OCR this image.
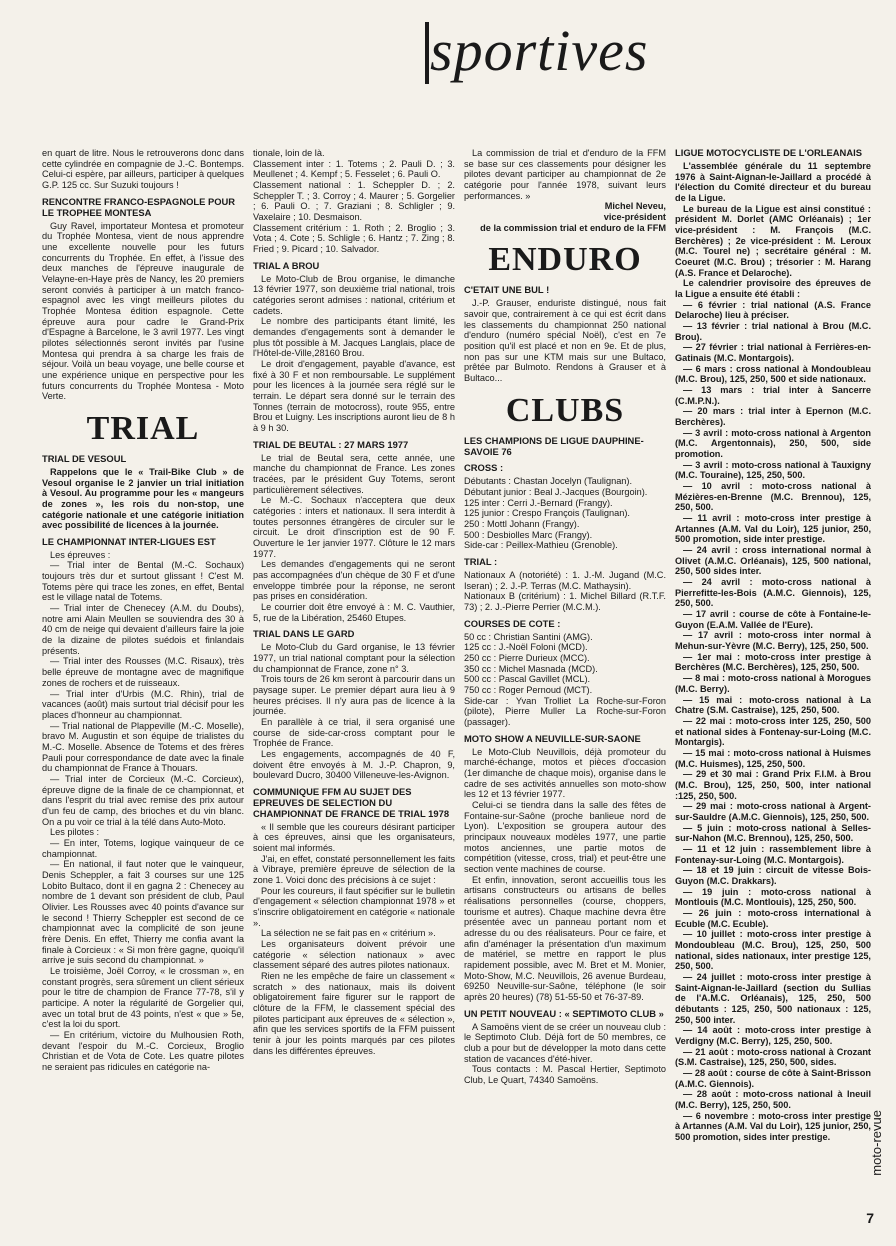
sportives

en quart de litre. Nous le retrouverons donc dans cette cylindrée en compagnie de J.-C. Bontemps. Celui-ci espère, par ailleurs, participer à quelques G.P. 125 cc. Sur Suzuki toujours !

RENCONTRE FRANCO-ESPAGNOLE POUR LE TROPHEE MONTESA

Guy Ravel, importateur Montesa et promoteur du Trophée Montesa, vient de nous apprendre une excellente nouvelle pour les futurs concurrents du Trophée. En effet, à l'issue des deux manches de l'épreuve inaugurale de Velayne-en-Haye près de Nancy, les 20 premiers seront conviés à participer à un match franco-espagnol avec les vingt meilleurs pilotes du Trophée Montesa édition espagnole. Cette épreuve aura pour cadre le Grand-Prix d'Espagne à Barcelone, le 3 avril 1977. Les vingt pilotes sélectionnés seront invités par l'usine Montesa qui prendra à sa charge les frais de séjour. Voilà un beau voyage, une belle course et une expérience unique en perspective pour les futurs concurrents du Trophée Montesa - Moto Verte.

TRIAL
TRIAL DE VESOUL

Rappelons que le « Trail-Bike Club » de Vesoul organise le 2 janvier un trial initiation à Vesoul. Au programme pour les « mangeurs de zones », les rois du non-stop, une catégorie nationale et une catégorie initiation avec possibilité de licences à la journée.

LE CHAMPIONNAT INTER-LIGUES EST

Les épreuves :

— Trial inter de Bental (M.-C. Sochaux) toujours très dur et surtout glissant ! C'est M. Totems père qui trace les zones, en effet, Bental est le village natal de Totems.

— Trial inter de Chenecey (A.M. du Doubs), notre ami Alain Meullen se souviendra des 30 à 40 cm de neige qui devaient d'ailleurs faire la joie de la dizaine de pilotes suédois et finlandais présents.

— Trial inter des Rousses (M.C. Risaux), très belle épreuve de montagne avec de magnifique zones de rochers et de ruisseaux.

— Trial inter d'Urbis (M.C. Rhin), trial de vacances (août) mais surtout trial décisif pour les places d'honneur au championnat.

— Trial national de Plappeville (M.-C. Moselle), bravo M. Augustin et son équipe de trialistes du M.-C. Moselle. Absence de Totems et des frères Pauli pour correspondance de date avec la finale du championnat de France à Thouars.

— Trial inter de Corcieux (M.-C. Corcieux), épreuve digne de la finale de ce championnat, et dans l'esprit du trial avec remise des prix autour d'un feu de camp, des brioches et du vin blanc. On a pu voir ce trial à la télé dans Auto-Moto.

Les pilotes :

— En inter, Totems, logique vainqueur de ce championnat.

— En national, il faut noter que le vainqueur, Denis Scheppler, a fait 3 courses sur une 125 Lobito Bultaco, dont il en gagna 2 : Chenecey au nombre de 1 devant son président de club, Paul Olivier. Les Rousses avec 40 points d'avance sur le second ! Thierry Scheppler est second de ce championnat avec la complicité de son jeune frère Denis. En effet, Thierry me confia avant la finale à Corcieux : « Si mon frère gagne, quoiqu'il arrive je suis second du championnat. »

Le troisième, Joël Corroy, « le crossman », en constant progrès, sera sûrement un client sérieux pour le titre de champion de France 77-78, s'il y participe. A noter la régularité de Gorgelier qui, avec un total brut de 43 points, n'est « que » 5e, c'est la loi du sport.

— En critérium, victoire du Mulhousien Roth, devant l'espoir du M.-C. Corcieux, Broglio Christian et de Vota de Cote. Les quatre pilotes ne seraient pas ridicules en catégorie na-

tionale, loin de là.

Classement inter : 1. Totems ; 2. Pauli D. ; 3. Meullenet ; 4. Kempf ; 5. Fesselet ; 6. Pauli O.

Classement national : 1. Scheppler D. ; 2. Scheppler T. ; 3. Corroy ; 4. Maurer ; 5. Gorgelier ; 6. Pauli O. ; 7. Graziani ; 8. Schligler ; 9. Vaxelaire ; 10. Desmaison.

Classement critérium : 1. Roth ; 2. Broglio ; 3. Vota ; 4. Cote ; 5. Schligle ; 6. Hantz ; 7. Zing ; 8. Fried ; 9. Picard ; 10. Salvador.

TRIAL A BROU

Le Moto-Club de Brou organise, le dimanche 13 février 1977, son deuxième trial national, trois catégories seront admises : national, critérium et cadets.

Le nombre des participants étant limité, les demandes d'engagements sont à demander le plus tôt possible à M. Jacques Langlais, place de l'Hôtel-de-Ville,28160 Brou.

Le droit d'engagement, payable d'avance, est fixé à 30 F et non remboursable. Le supplément pour les licences à la journée sera réglé sur le terrain. Le départ sera donné sur le terrain des Tonnes (terrain de motocross), route 955, entre Brou et Luigny. Les inscriptions auront lieu de 8 h à 9 h 30.

TRIAL DE BEUTAL : 27 MARS 1977

Le trial de Beutal sera, cette année, une manche du championnat de France. Les zones tracées, par le président Guy Totems, seront particulièrement sélectives.

Le M.-C. Sochaux n'acceptera que deux catégories : inters et nationaux. Il sera interdit à toutes personnes étrangères de circuler sur le circuit. Le droit d'inscription est de 90 F. Ouverture le 1er janvier 1977. Clôture le 12 mars 1977.

Les demandes d'engagements qui ne seront pas accompagnées d'un chèque de 30 F et d'une enveloppe timbrée pour la réponse, ne seront pas prises en considération.

Le courrier doit être envoyé à : M. C. Vauthier, 5, rue de la Libération, 25460 Etupes.

TRIAL DANS LE GARD

Le Moto-Club du Gard organise, le 13 février 1977, un trial national comptant pour la sélection du championnat de France, zone n° 3.

Trois tours de 26 km seront à parcourir dans un paysage super. Le premier départ aura lieu à 9 heures précises. Il n'y aura pas de licence à la journée.

En parallèle à ce trial, il sera organisé une course de side-car-cross comptant pour le Trophée de France.

Les engagements, accompagnés de 40 F, doivent être envoyés à M. J.-P. Chapron, 9, boulevard Ducro, 30400 Villeneuve-les-Avignon.

COMMUNIQUE FFM AU SUJET DES EPREUVES DE SELECTION DU CHAMPIONNAT DE FRANCE DE TRIAL 1978

« Il semble que les coureurs désirant participer à ces épreuves, ainsi que les organisateurs, soient mal informés.

J'ai, en effet, constaté personnellement les faits à Vibraye, première épreuve de sélection de la zone 1. Voici donc des précisions à ce sujet :

Pour les coureurs, il faut spécifier sur le bulletin d'engagement « sélection championnat 1978 » et s'inscrire obligatoirement en catégorie « nationale ».

La sélection ne se fait pas en « critérium ».

Les organisateurs doivent prévoir une catégorie « sélection nationaux » avec classement séparé des autres pilotes nationaux.

Rien ne les empêche de faire un classement « scratch » des nationaux, mais ils doivent obligatoirement faire figurer sur le rapport de clôture de la FFM, le classement spécial des pilotes participant aux épreuves de « sélection », afin que les services sportifs de la FFM puissent tenir à jour les points marqués par ces pilotes dans les différentes épreuves.

La commission de trial et d'enduro de la FFM se base sur ces classements pour désigner les pilotes devant participer au championnat de 2e catégorie pour l'année 1978, suivant leurs performances. »

Michel Neveu,

vice-président

de la commission trial et enduro de la FFM

ENDURO
C'ETAIT UNE BUL !

J.-P. Grauser, enduriste distingué, nous fait savoir que, contrairement à ce qui est écrit dans les classements du championnat 250 national d'enduro (numéro spécial Noël), c'est en 7e position qu'il est placé et non en 9e. Et de plus, non pas sur une KTM mais sur une Bultaco, prêtée par Bulmoto. Rendons à Grauser et à Bultaco...

CLUBS
LES CHAMPIONS DE LIGUE DAUPHINE-SAVOIE 76
CROSS :

Débutants : Chastan Jocelyn (Taulignan).

Débutant junior : Beal J.-Jacques (Bourgoin).

125 inter : Cerri J.-Bernard (Frangy).

125 junior : Crespo François (Taulignan).

250 : Mottl Johann (Frangy).

500 : Desbiolles Marc (Frangy).

Side-car : Peillex-Mathieu (Grenoble).

TRIAL :

Nationaux A (notoriété) : 1. J.-M. Jugand (M.C. Iseran) ; 2. J.-P. Terras (M.C. Mathaysin).

Nationaux B (critérium) : 1. Michel Billard (R.T.F. 73) ; 2. J.-Pierre Perrier (M.C.M.).

COURSES DE COTE :

50 cc : Christian Santini (AMG).

125 cc : J.-Noël Foloni (MCD).

250 cc : Pierre Durieux (MCC).

350 cc : Michel Masnada (MCD).

500 cc : Pascal Gavillet (MCL).

750 cc : Roger Pernoud (MCT).

Side-car : Yvan Trolliet La Roche-sur-Foron (pilote), Pierre Muller La Roche-sur-Foron (passager).

MOTO SHOW A NEUVILLE-SUR-SAONE

Le Moto-Club Neuvillois, déjà promoteur du marché-échange, motos et pièces d'occasion (1er dimanche de chaque mois), organise dans le cadre de ses activités annuelles son moto-show les 12 et 13 février 1977.

Celui-ci se tiendra dans la salle des fêtes de Fontaine-sur-Saône (proche banlieue nord de Lyon). L'exposition se groupera autour des principaux nouveaux modèles 1977, une partie motos anciennes, une partie motos de compétition (vitesse, cross, trial) et peut-être une section vente machines de course.

Et enfin, innovation, seront accueillis tous les artisans constructeurs ou artisans de belles réalisations personnelles (course, choppers, tourisme et autres). Chaque machine devra être présentée avec un panneau portant nom et adresse du ou des réalisateurs. Pour ce faire, et afin d'aménager la présentation d'un maximum de matériel, se mettre en rapport le plus rapidement possible, avec M. Bret et M. Monier, Moto-Show, M.C. Neuvillois, 26 avenue Burdeau, 69250 Neuville-sur-Saône, téléphone (le soir après 20 heures) (78) 51-55-50 et 76-37-89.

UN PETIT NOUVEAU : « SEPTIMOTO CLUB »

A Samoëns vient de se créer un nouveau club : le Septimoto Club. Déjà fort de 50 membres, ce club a pour but de développer la moto dans cette station de vacances d'été-hiver.

Tous contacts : M. Pascal Hertier, Septimoto Club, Le Quart, 74340 Samoëns.

LIGUE MOTOCYCLISTE DE L'ORLEANAIS

L'assemblée générale du 11 septembre 1976 à Saint-Aignan-le-Jaillard a procédé à l'élection du Comité directeur et du bureau de la Ligue.

Le bureau de la Ligue est ainsi constitué : président M. Dorlet (AMC Orléanais) ; 1er vice-président : M. François (M.C. Berchères) ; 2e vice-président : M. Leroux (M.C. Tourel ne) ; secrétaire général : M. Coeuret (M.C. Brou) ; trésorier : M. Harang (A.S. France et Delaroche).

Le calendrier provisoire des épreuves de la Ligue a ensuite été établi :

— 6 février : trial national (A.S. France Delaroche) lieu à préciser.

— 13 février : trial national à Brou (M.C. Brou).

— 27 février : trial national à Ferrières-en-Gatinais (M.C. Montargois).

— 6 mars : cross national à Mondoubleau (M.C. Brou), 125, 250, 500 et side nationaux.

— 13 mars : trial inter à Sancerre (C.M.P.N.).

— 20 mars : trial inter à Epernon (M.C. Berchères).

— 3 avril : moto-cross national à Argenton (M.C. Argentonnais), 250, 500, side promotion.

— 3 avril : moto-cross national à Tauxigny (M.C. Touraine), 125, 250, 500.

— 10 avril : moto-cross national à Mézières-en-Brenne (M.C. Brennou), 125, 250, 500.

— 11 avril : moto-cross inter prestige à Artannes (A.M. Val du Loir), 125 junior, 250, 500 promotion, side inter prestige.

— 24 avril : cross international normal à Olivet (A.M.C. Orléanais), 125, 500 national, 250, 500 sides inter.

— 24 avril : moto-cross national à Pierrefitte-les-Bois (A.M.C. Giennois), 125, 250, 500.

— 17 avril : course de côte à Fontaine-le-Guyon (E.A.M. Vallée de l'Eure).

— 17 avril : moto-cross inter normal à Mehun-sur-Yèvre (M.C. Berry), 125, 250, 500.

— 1er mai : moto-cross inter prestige à Berchères (M.C. Berchères), 125, 250, 500.

— 8 mai : moto-cross national à Morogues (M.C. Berry).

— 15 mai : moto-cross national à La Chatre (S.M. Castraise), 125, 250, 500.

— 22 mai : moto-cross inter 125, 250, 500 et national sides à Fontenay-sur-Loing (M.C. Montargis).

— 15 mai : moto-cross national à Huismes (M.C. Huismes), 125, 250, 500.

— 29 et 30 mai : Grand Prix F.I.M. à Brou (M.C. Brou), 125, 250, 500, inter national :125, 250, 500.

— 29 mai : moto-cross national à Argent-sur-Sauldre (A.M.C. Giennois), 125, 250, 500.

— 5 juin : moto-cross national à Selles-sur-Nahon (M.C. Brennou), 125, 250, 500.

— 11 et 12 juin : rassemblement libre à Fontenay-sur-Loing (M.C. Montargois).

— 18 et 19 juin : circuit de vitesse Bois-Guyon (M.C. Drakkars).

— 19 juin : moto-cross national à Montlouis (M.C. Montlouis), 125, 250, 500.

— 26 juin : moto-cross international à Ecuble (M.C. Ecuble).

— 10 juillet : moto-cross inter prestige à Mondoubleau (M.C. Brou), 125, 250, 500 national, sides nationaux, inter prestige 125, 250, 500.

— 24 juillet : moto-cross inter prestige à Saint-Aignan-le-Jaillard (section du Sullias de l'A.M.C. Orléanais), 125, 250, 500 débutants : 125, 250, 500 nationaux : 125, 250, 500 inter.

— 14 août : moto-cross inter prestige à Verdigny (M.C. Berry), 125, 250, 500.

— 21 août : moto-cross national à Crozant (S.M. Castraise), 125, 250, 500, sides.

— 28 août : course de côte à Saint-Brisson (A.M.C. Giennois).

— 28 août : moto-cross national à Ineuil (M.C. Berry), 125, 250, 500.

— 6 novembre : moto-cross inter prestige à Artannes (A.M. Val du Loir), 125 junior, 250, 500 promotion, sides inter prestige.	moto-revue
7
